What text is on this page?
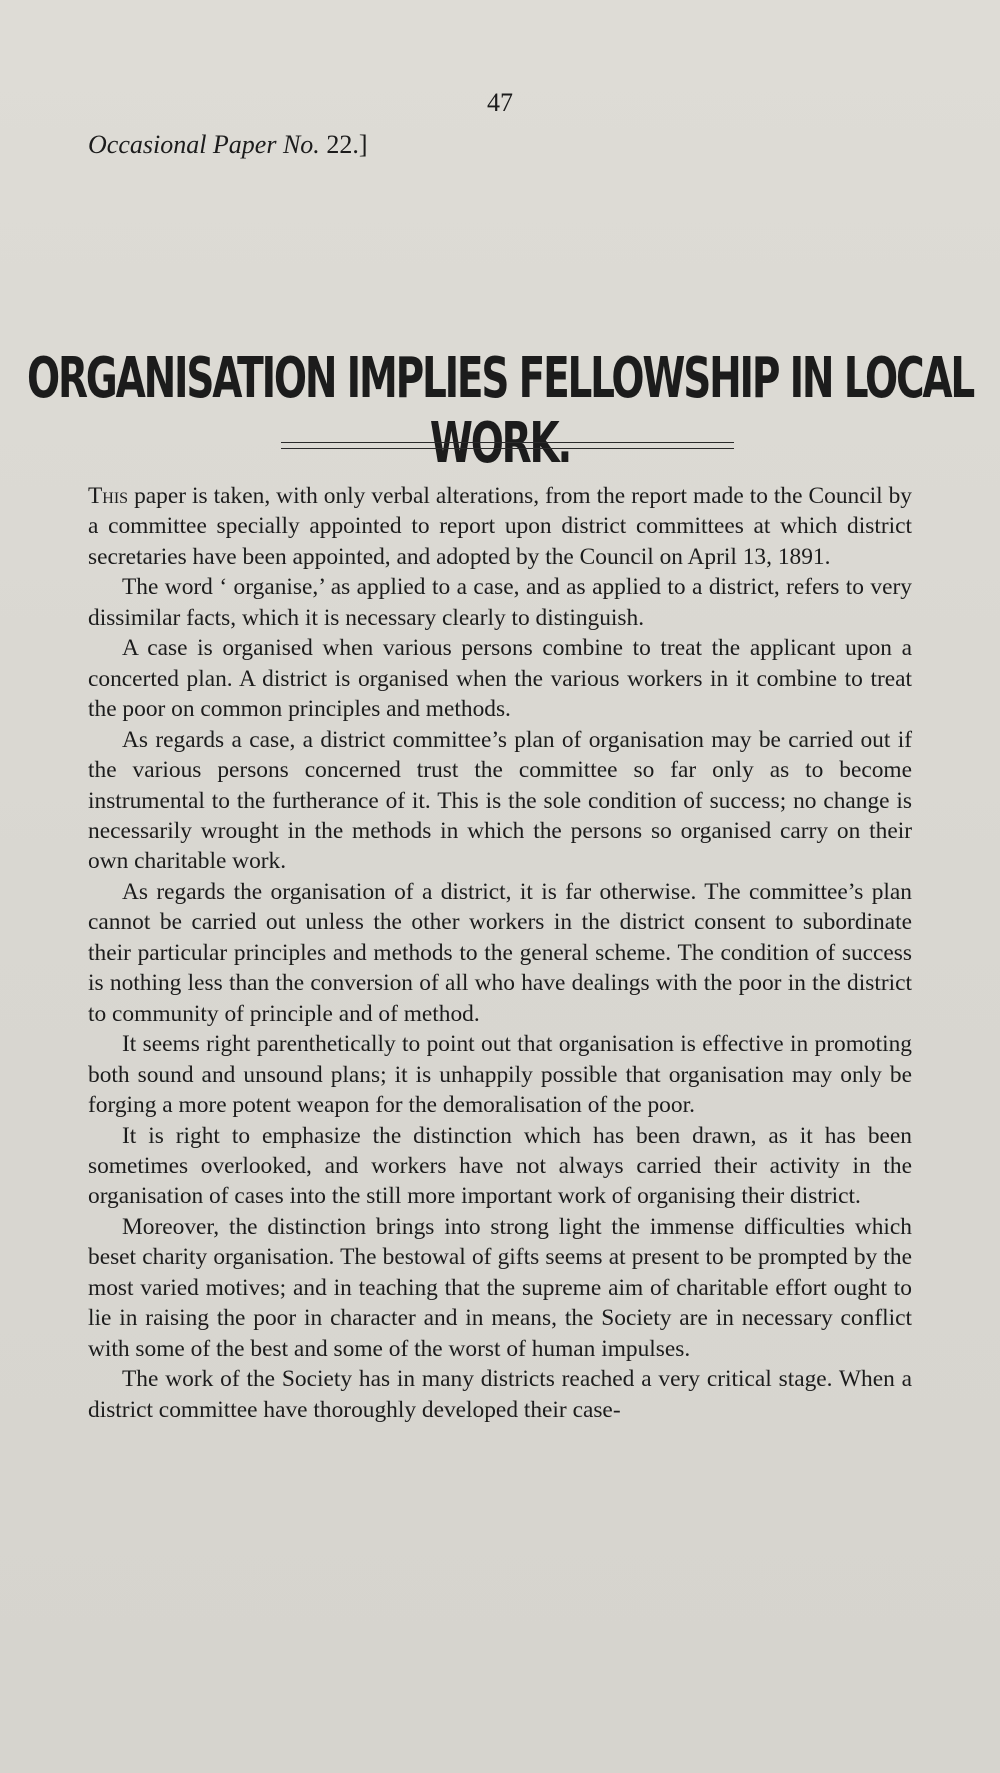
47
Occasional Paper No. 22.]
ORGANISATION IMPLIES FELLOWSHIP IN LOCAL WORK.

This paper is taken, with only verbal alterations, from the report made to the Council by a committee specially appointed to report upon district committees at which district secretaries have been appointed, and adopted by the Council on April 13, 1891.

The word ‘ organise,’ as applied to a case, and as applied to a district, refers to very dissimilar facts, which it is necessary clearly to distinguish.

A case is organised when various persons combine to treat the applicant upon a concerted plan. A district is organised when the various workers in it combine to treat the poor on common principles and methods.

As regards a case, a district committee’s plan of organisation may be carried out if the various persons concerned trust the committee so far only as to become instrumental to the furtherance of it. This is the sole condition of success; no change is necessarily wrought in the methods in which the persons so organised carry on their own charitable work.

As regards the organisation of a district, it is far otherwise. The committee’s plan cannot be carried out unless the other workers in the district consent to subordinate their particular principles and methods to the general scheme. The condition of success is nothing less than the conversion of all who have dealings with the poor in the district to community of principle and of method.

It seems right parenthetically to point out that organisation is effective in promoting both sound and unsound plans; it is unhappily possible that organisation may only be forging a more potent weapon for the demoralisation of the poor.

It is right to emphasize the distinction which has been drawn, as it has been sometimes overlooked, and workers have not always carried their activity in the organisation of cases into the still more important work of organising their district.

Moreover, the distinction brings into strong light the immense difficulties which beset charity organisation. The bestowal of gifts seems at present to be prompted by the most varied motives; and in teaching that the supreme aim of charitable effort ought to lie in raising the poor in character and in means, the Society are in necessary conflict with some of the best and some of the worst of human impulses.

The work of the Society has in many districts reached a very critical stage. When a district committee have thoroughly developed their case-
